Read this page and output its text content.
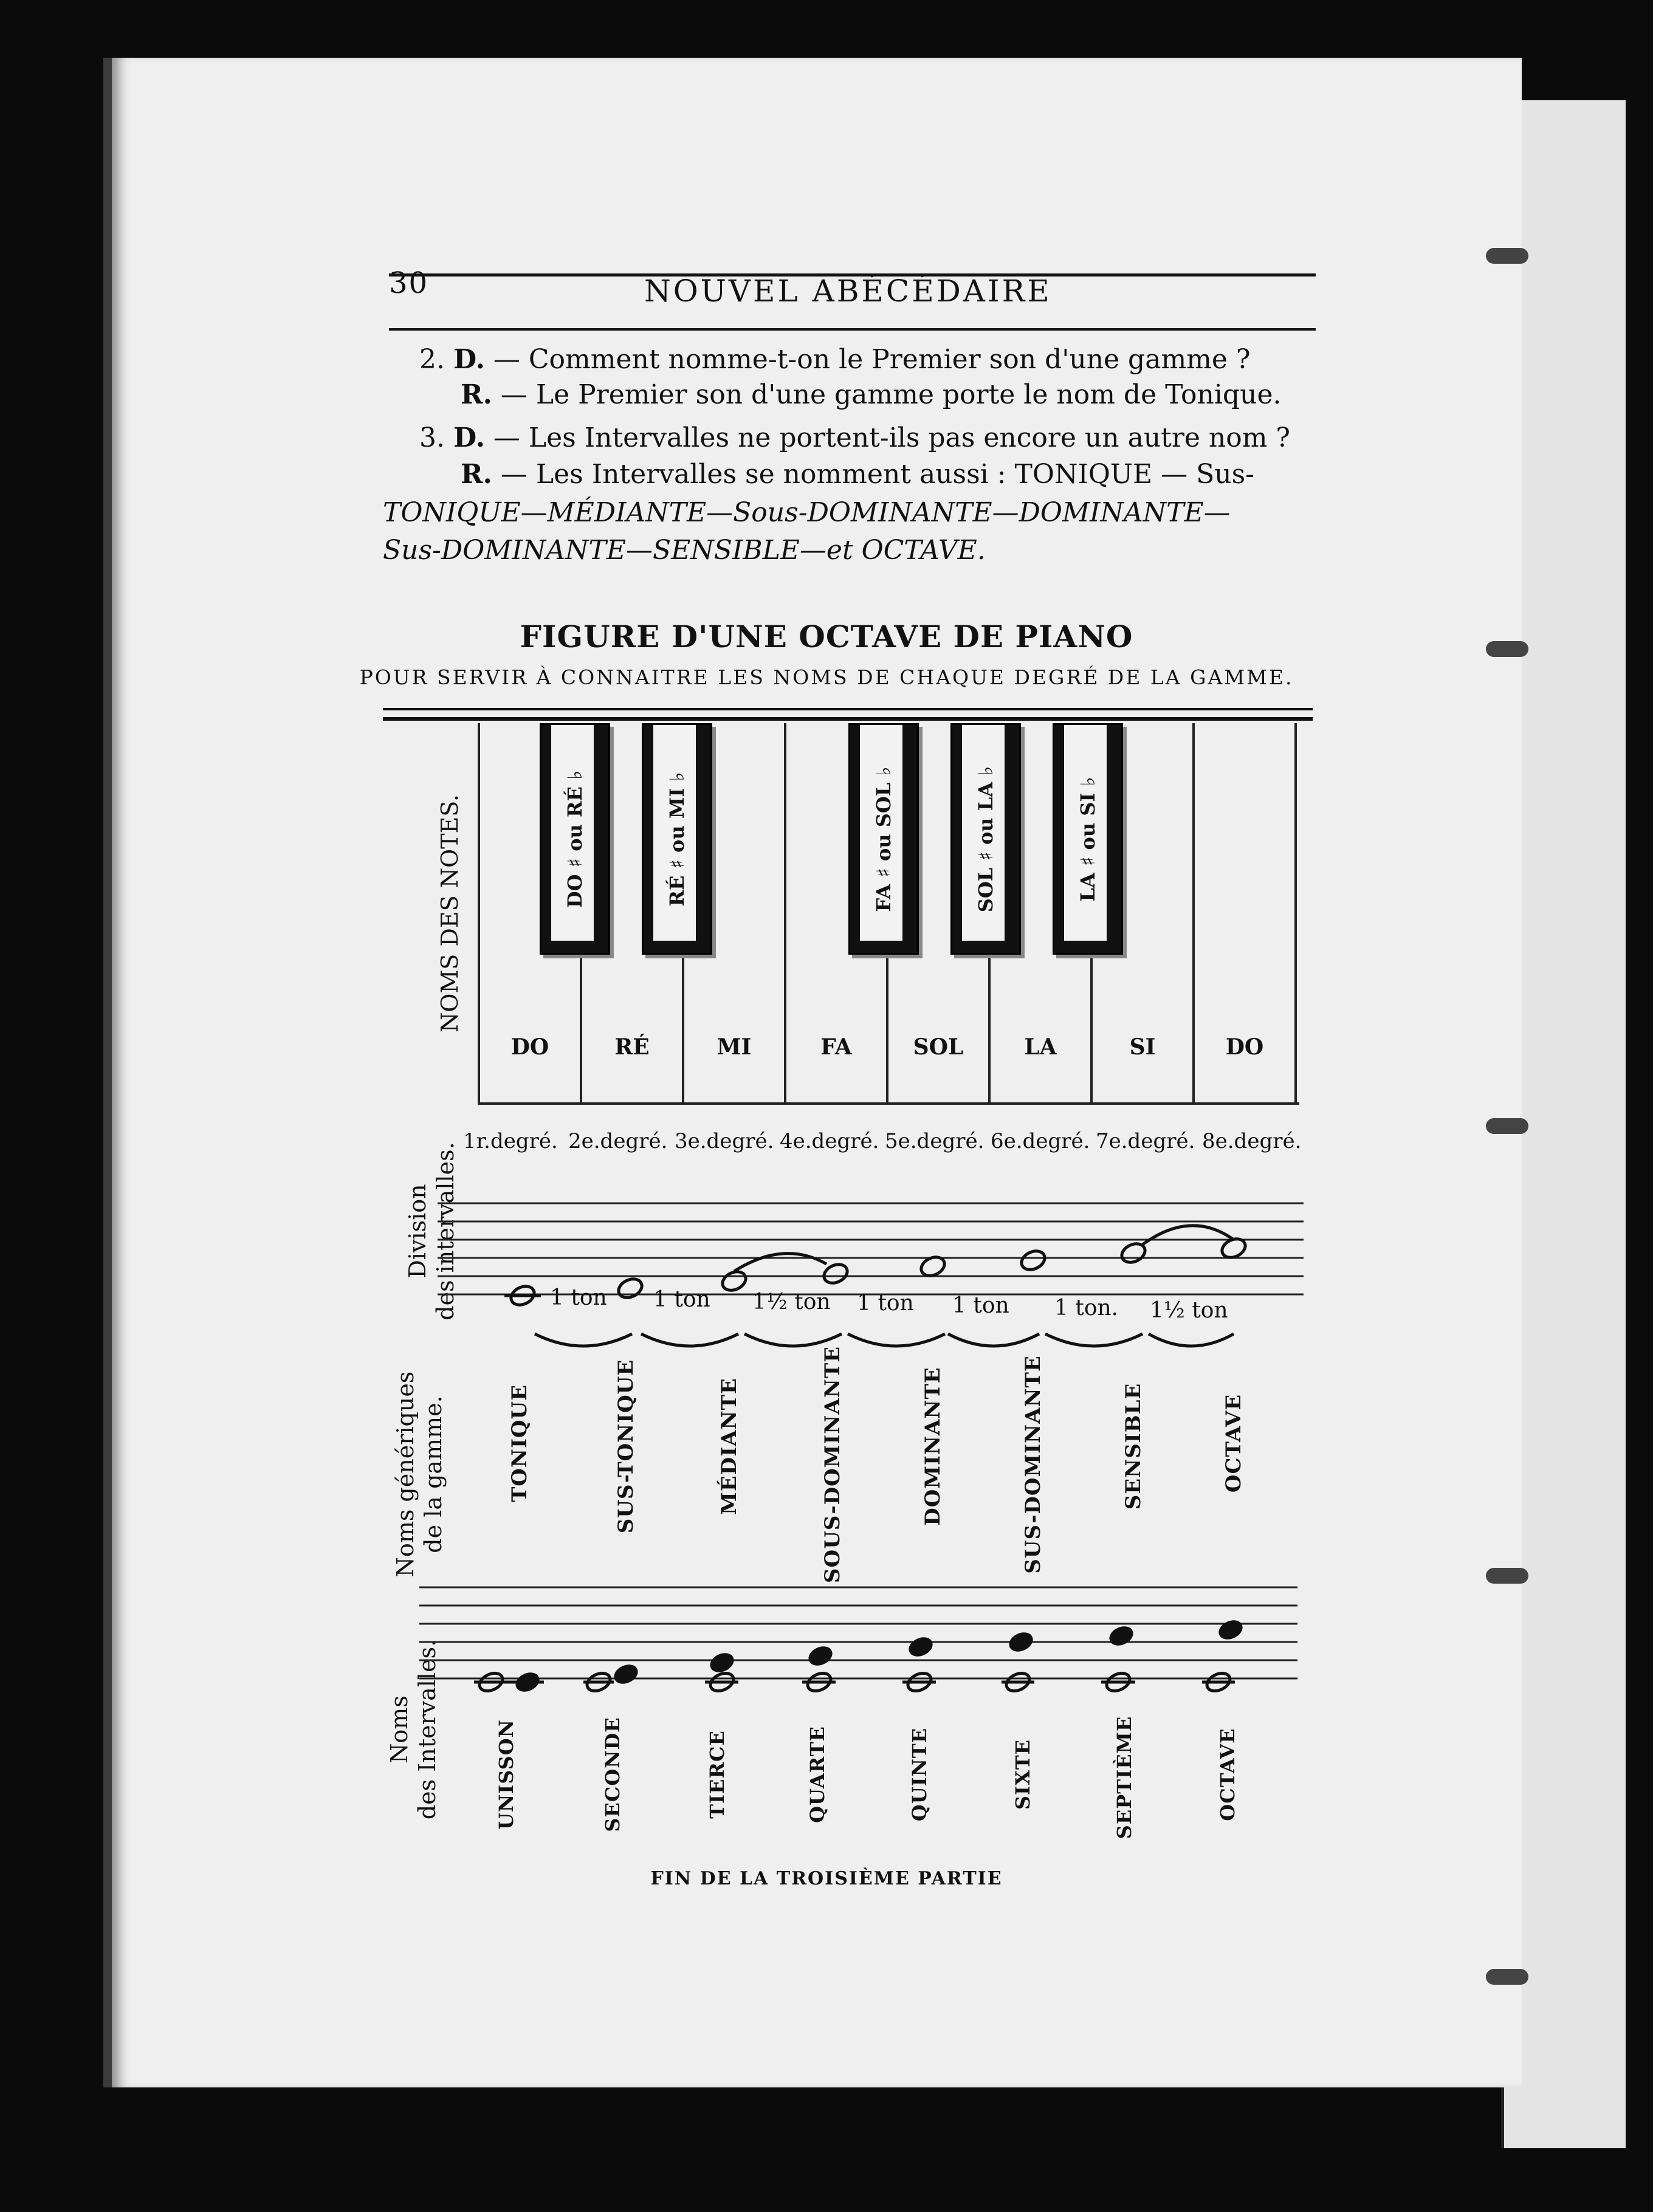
30	NOUVEL ABÉCÉDAIRE
2. D. — Comment nomme-t-on le Premier son d'une gamme ?
R. — Le Premier son d'une gamme porte le nom de Tonique.
3. D. — Les Intervalles ne portent-ils pas encore un autre nom ?
R. — Les Intervalles se nomment aussi : TONIQUE — Sus-
TONIQUE—MÉDIANTE—Sous-DOMINANTE—DOMINANTE—
Sus-DOMINANTE—SENSIBLE—et OCTAVE.
FIGURE D'UNE OCTAVE DE PIANO
POUR SERVIR À CONNAITRE LES NOMS DE CHAQUE DEGRÉ DE LA GAMME.
NOMS DES NOTES.
Division
des intervalles.
Noms génériques
de la gamme.
Noms
des Intervalles.
DO	RÉ	MI	FA	SOL	LA	SI	DO
DO ♯ ou RÉ ♭	RÉ ♯ ou MI ♭	FA ♯ ou SOL ♭	SOL ♯ ou LA ♭	LA ♯ ou SI ♭
1r.degré. 2e.degré. 3e.degré. 4e.degré. 5e.degré. 6e.degré. 7e.degré. 8e.degré.
1 ton 1 ton 1½ ton 1 ton 1 ton 1 ton. 1½ ton
TONIQUE	SUS-TONIQUE	MÉDIANTE	SOUS-DOMINANTE	DOMINANTE	SUS-DOMINANTE	SENSIBLE	OCTAVE
UNISSON	SECONDE	TIERCE	QUARTE	QUINTE	SIXTE	SEPTIÈME	OCTAVE
FIN DE LA TROISIÈME PARTIE
